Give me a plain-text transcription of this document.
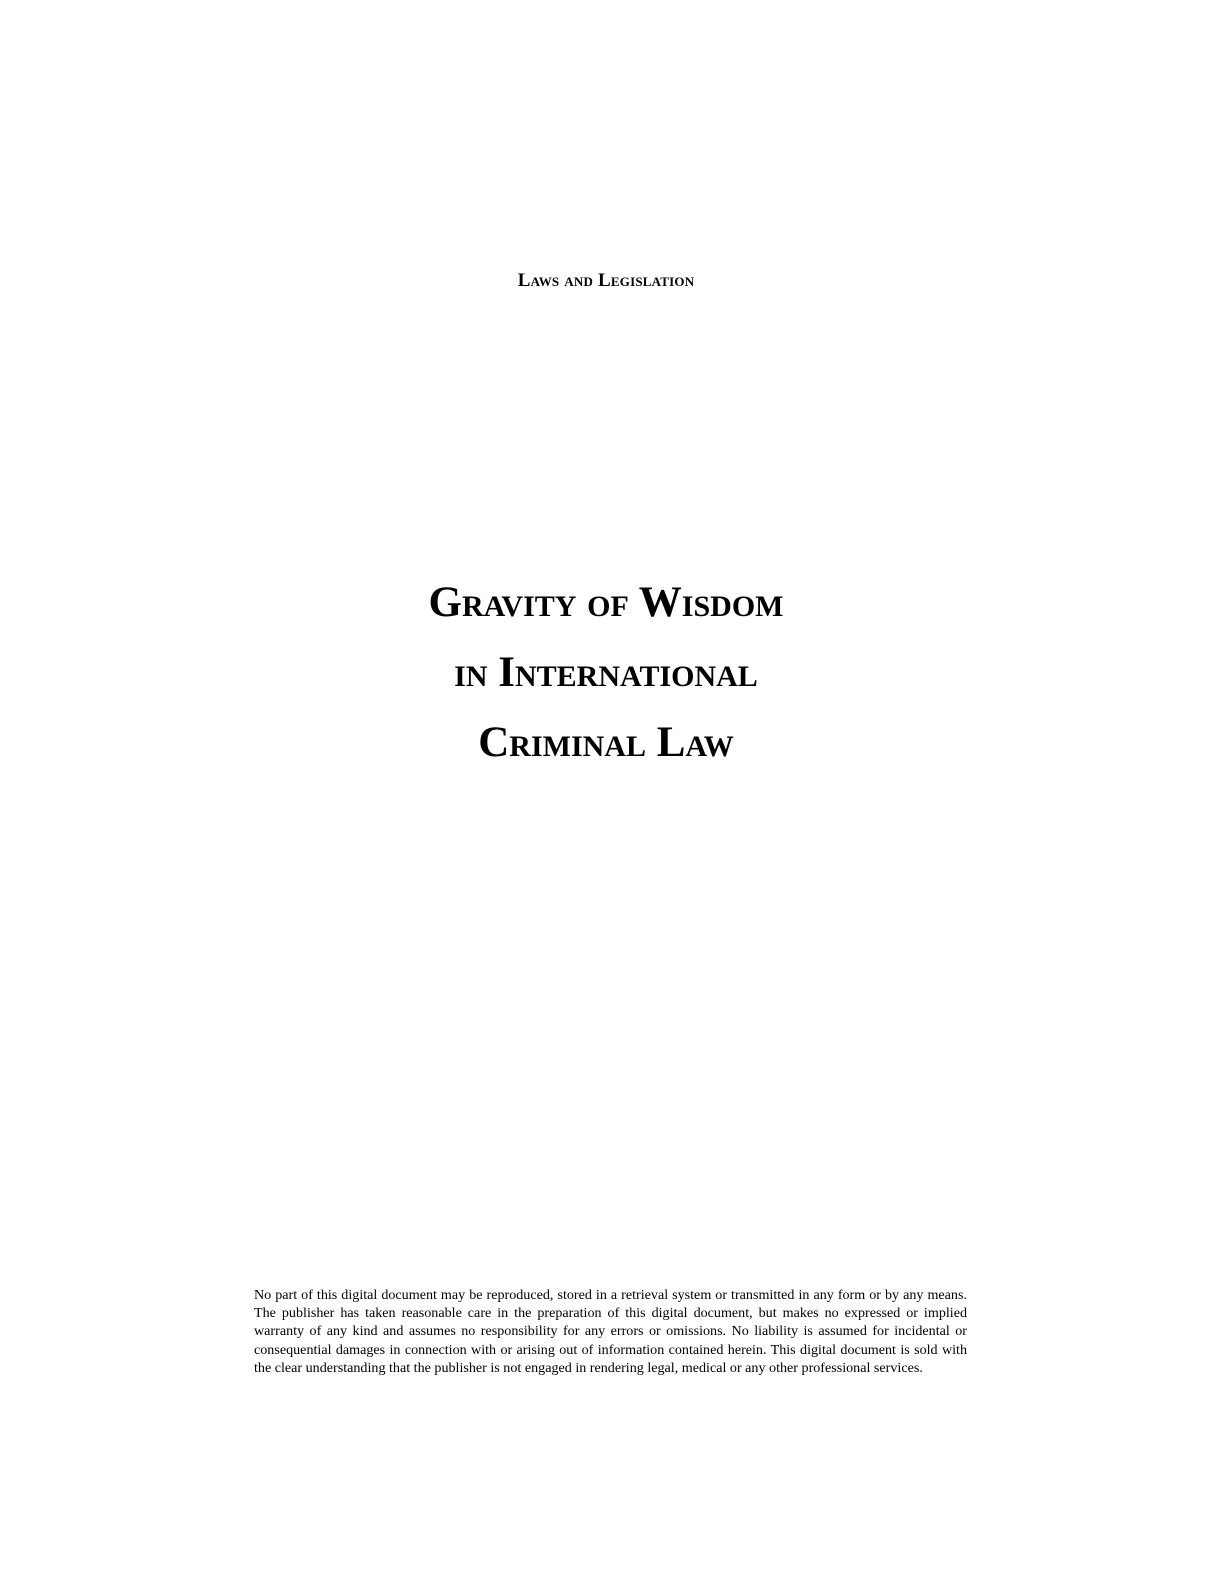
Laws and Legislation
Gravity of Wisdom
in International
Criminal Law

No part of this digital document may be reproduced, stored in a retrieval system or transmitted in any form or by any means. The publisher has taken reasonable care in the preparation of this digital document, but makes no expressed or implied warranty of any kind and assumes no responsibility for any errors or omissions. No liability is assumed for incidental or consequential damages in connection with or arising out of information contained herein. This digital document is sold with the clear understanding that the publisher is not engaged in rendering legal, medical or any other professional services.
